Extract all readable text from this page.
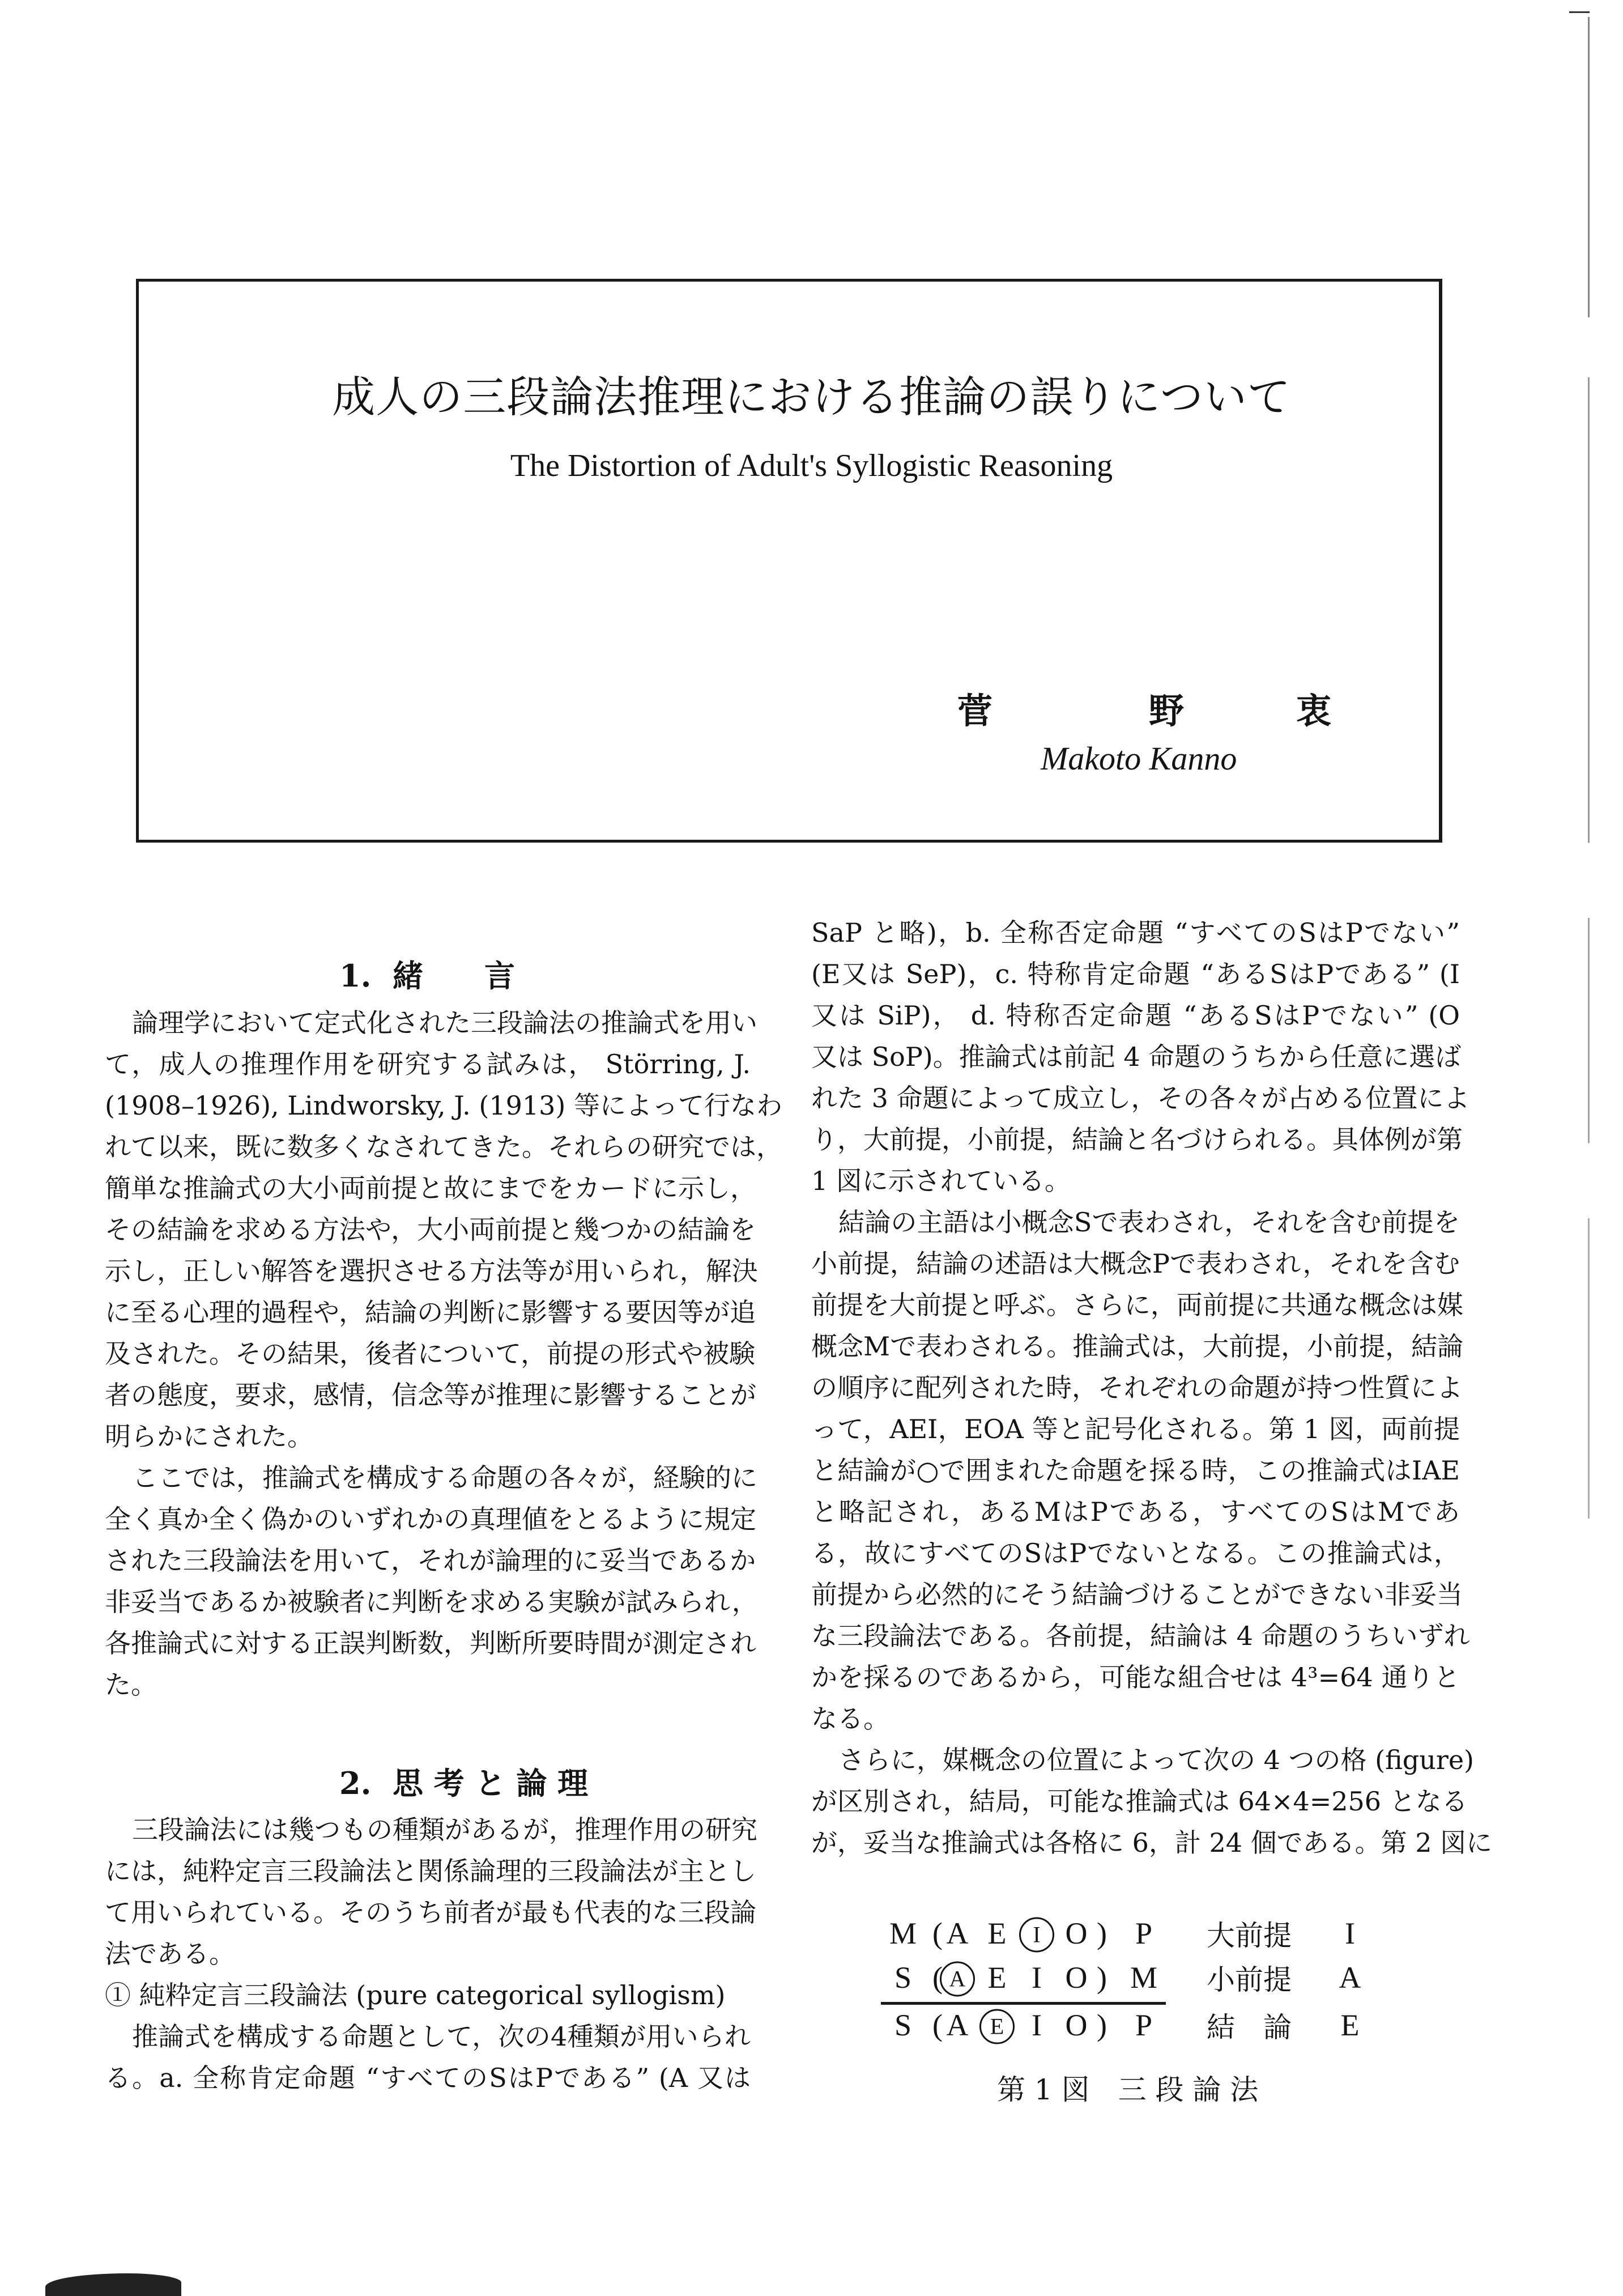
成人の三段論法推理における推論の誤りについて
The Distortion of Adult's Syllogistic Reasoning
菅	野	衷
Makoto Kanno
1.  緒　　言
論理学において定式化された三段論法の推論式を用い
て，成人の推理作用を研究する試みは， Störring, J.
(1908–1926), Lindworsky, J. (1913) 等によって行なわ
れて以来，既に数多くなされてきた。それらの研究では，
簡単な推論式の大小両前提と故にまでをカードに示し，
その結論を求める方法や，大小両前提と幾つかの結論を
示し，正しい解答を選択させる方法等が用いられ，解決
に至る心理的過程や，結論の判断に影響する要因等が追
及された。その結果，後者について，前提の形式や被験
者の態度，要求，感情，信念等が推理に影響することが
明らかにされた。
ここでは，推論式を構成する命題の各々が，経験的に
全く真か全く偽かのいずれかの真理値をとるように規定
された三段論法を用いて，それが論理的に妥当であるか
非妥当であるか被験者に判断を求める実験が試みられ，
各推論式に対する正誤判断数，判断所要時間が測定され
た。
2.  思 考 と 論 理
三段論法には幾つもの種類があるが，推理作用の研究
には，純粋定言三段論法と関係論理的三段論法が主とし
て用いられている。そのうち前者が最も代表的な三段論
法である。
① 純粋定言三段論法 (pure categorical syllogism)
推論式を構成する命題として，次の4種類が用いられ
る。a. 全称肯定命題 “すべてのSはPである” (A 又は
SaP と略)，b. 全称否定命題 “すべてのSはPでない”
(E又は SeP)，c. 特称肯定命題 “あるSはPである” (I
又は SiP)， d. 特称否定命題 “あるSはPでない” (O
又は SoP)。推論式は前記 4 命題のうちから任意に選ば
れた 3 命題によって成立し，その各々が占める位置によ
り，大前提，小前提，結論と名づけられる。具体例が第
1 図に示されている。
結論の主語は小概念Sで表わされ，それを含む前提を
小前提，結論の述語は大概念Pで表わされ，それを含む
前提を大前提と呼ぶ。さらに，両前提に共通な概念は媒
概念Mで表わされる。推論式は，大前提，小前提，結論
の順序に配列された時，それぞれの命題が持つ性質によ
って，AEI，EOA 等と記号化される。第 1 図，両前提
と結論が○で囲まれた命題を採る時，この推論式はIAE
と略記され，あるMはPである，すべてのSはMであ
る，故にすべてのSはPでないとなる。この推論式は，
前提から必然的にそう結論づけることができない非妥当
な三段論法である。各前提，結論は 4 命題のうちいずれ
かを採るのであるから，可能な組合せは 4³=64 通りと
なる。
さらに，媒概念の位置によって次の 4 つの格 (figure)
が区別され，結局，可能な推論式は 64×4=256 となる
が，妥当な推論式は各格に 6，計 24 個である。第 2 図に
M ( A E	I O ) P 大前提 I
S ( A E I O ) M 小前提 A
S ( A E I O ) P 結　論 E
第 1 図　三 段 論 法
